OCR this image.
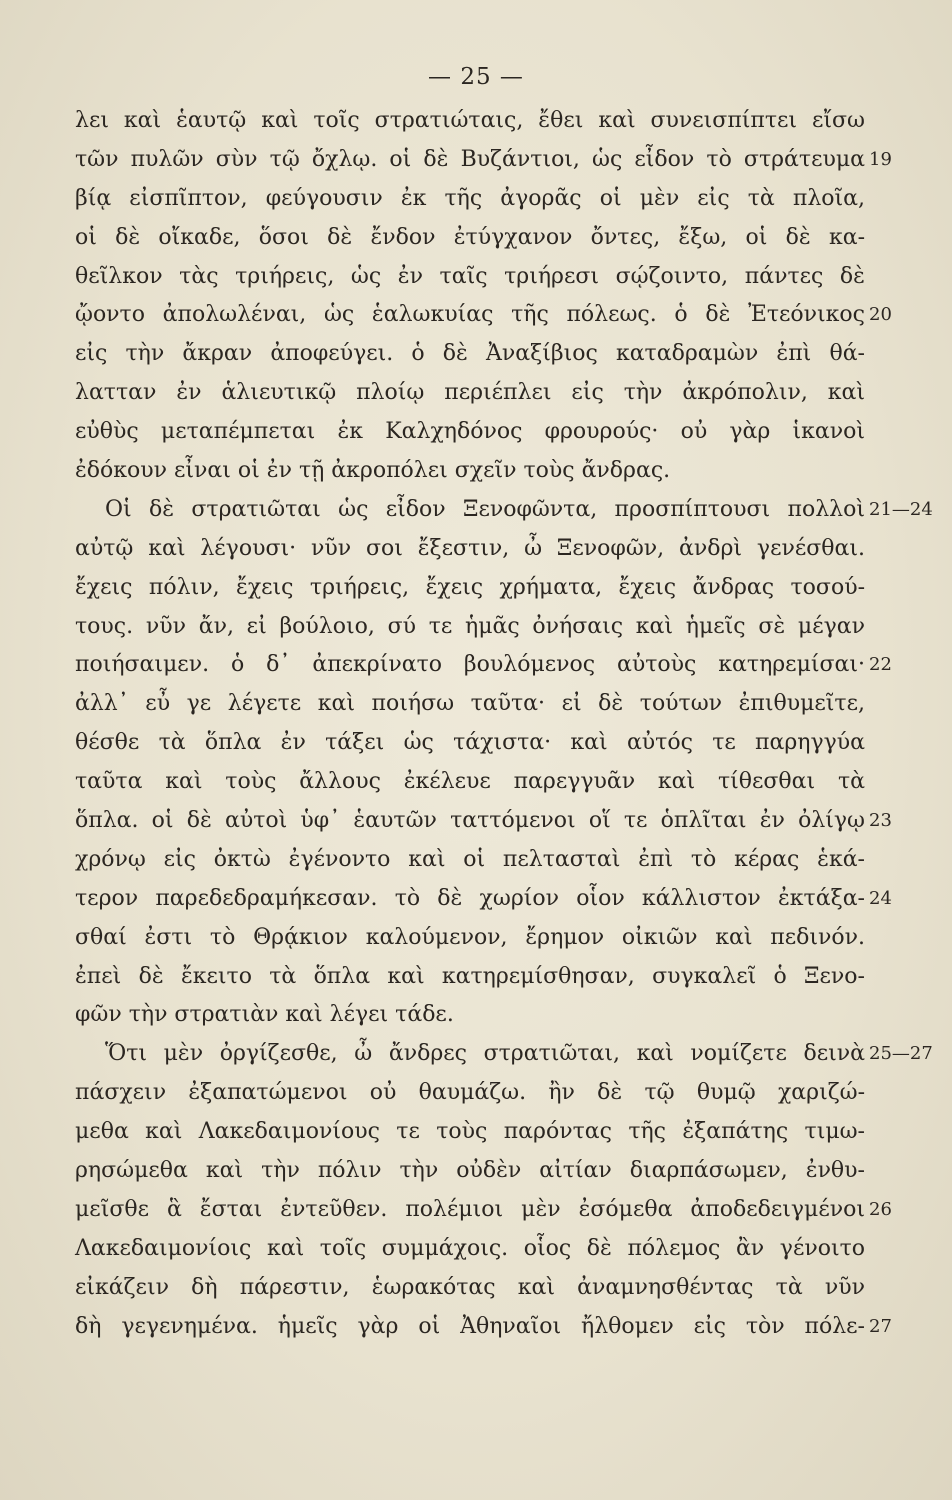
— 25 —
λει καὶ ἑαυτῷ καὶ τοῖς στρατιώταις, ἔθει καὶ συνεισπίπτει εἴσω
τῶν πυλῶν σὺν τῷ ὄχλῳ. οἱ δὲ Βυζάντιοι, ὡς εἶδον τὸ στράτευμα 19
βίᾳ εἰσπῖπτον, φεύγουσιν ἐκ τῆς ἀγορᾶς οἱ μὲν εἰς τὰ πλοῖα,
οἱ δὲ οἴκαδε, ὅσοι δὲ ἔνδον ἐτύγχανον ὄντες, ἔξω, οἱ δὲ κα-
θεῖλκον τὰς τριήρεις, ὡς ἐν ταῖς τριήρεσι σῴζοιντο, πάντες δὲ
ᾤοντο ἀπολωλέναι, ὡς ἑαλωκυίας τῆς πόλεως. ὁ δὲ Ἐτεόνικος 20
εἰς τὴν ἄκραν ἀποφεύγει. ὁ δὲ Ἀναξίβιος καταδραμὼν ἐπὶ θά-
λατταν ἐν ἁλιευτικῷ πλοίῳ περιέπλει εἰς τὴν ἀκρόπολιν, καὶ
εὐθὺς μεταπέμπεται ἐκ Καλχηδόνος φρουρούς· οὐ γὰρ ἱκανοὶ
ἐδόκουν εἶναι οἱ ἐν τῇ ἀκροπόλει σχεῖν τοὺς ἄνδρας.
Οἱ δὲ στρατιῶται ὡς εἶδον Ξενοφῶντα, προσπίπτουσι πολλοὶ 21—24
αὐτῷ καὶ λέγουσι· νῦν σοι ἔξεστιν, ὦ Ξενοφῶν, ἀνδρὶ γενέσθαι.
ἔχεις πόλιν, ἔχεις τριήρεις, ἔχεις χρήματα, ἔχεις ἄνδρας τοσού-
τους. νῦν ἄν, εἰ βούλοιο, σύ τε ἡμᾶς ὀνήσαις καὶ ἡμεῖς σὲ μέγαν
ποιήσαιμεν. ὁ δ᾽ ἀπεκρίνατο βουλόμενος αὐτοὺς κατηρεμίσαι· 22
ἀλλ᾽ εὖ γε λέγετε καὶ ποιήσω ταῦτα· εἰ δὲ τούτων ἐπιθυμεῖτε,
θέσθε τὰ ὅπλα ἐν τάξει ὡς τάχιστα· καὶ αὐτός τε παρηγγύα
ταῦτα καὶ τοὺς ἄλλους ἐκέλευε παρεγγυᾶν καὶ τίθεσθαι τὰ
ὅπλα. οἱ δὲ αὐτοὶ ὑφ᾽ ἑαυτῶν ταττόμενοι οἵ τε ὁπλῖται ἐν ὀλίγῳ 23
χρόνῳ εἰς ὀκτὼ ἐγένοντο καὶ οἱ πελτασταὶ ἐπὶ τὸ κέρας ἑκά-
τερον παρεδεδραμήκεσαν. τὸ δὲ χωρίον οἷον κάλλιστον ἐκτάξα- 24
σθαί ἐστι τὸ Θρᾴκιον καλούμενον, ἔρημον οἰκιῶν καὶ πεδινόν.
ἐπεὶ δὲ ἔκειτο τὰ ὅπλα καὶ κατηρεμίσθησαν, συγκαλεῖ ὁ Ξενο-
φῶν τὴν στρατιὰν καὶ λέγει τάδε.
Ὅτι μὲν ὀργίζεσθε, ὦ ἄνδρες στρατιῶται, καὶ νομίζετε δεινὰ 25—27
πάσχειν ἐξαπατώμενοι οὐ θαυμάζω. ἢν δὲ τῷ θυμῷ χαριζώ-
μεθα καὶ Λακεδαιμονίους τε τοὺς παρόντας τῆς ἐξαπάτης τιμω-
ρησώμεθα καὶ τὴν πόλιν τὴν οὐδὲν αἰτίαν διαρπάσωμεν, ἐνθυ-
μεῖσθε ἃ ἔσται ἐντεῦθεν. πολέμιοι μὲν ἐσόμεθα ἀποδεδειγμένοι 26
Λακεδαιμονίοις καὶ τοῖς συμμάχοις. οἷος δὲ πόλεμος ἂν γένοιτο
εἰκάζειν δὴ πάρεστιν, ἑωρακότας καὶ ἀναμνησθέντας τὰ νῦν
δὴ γεγενημένα. ἡμεῖς γὰρ οἱ Ἀθηναῖοι ἤλθομεν εἰς τὸν πόλε- 27
